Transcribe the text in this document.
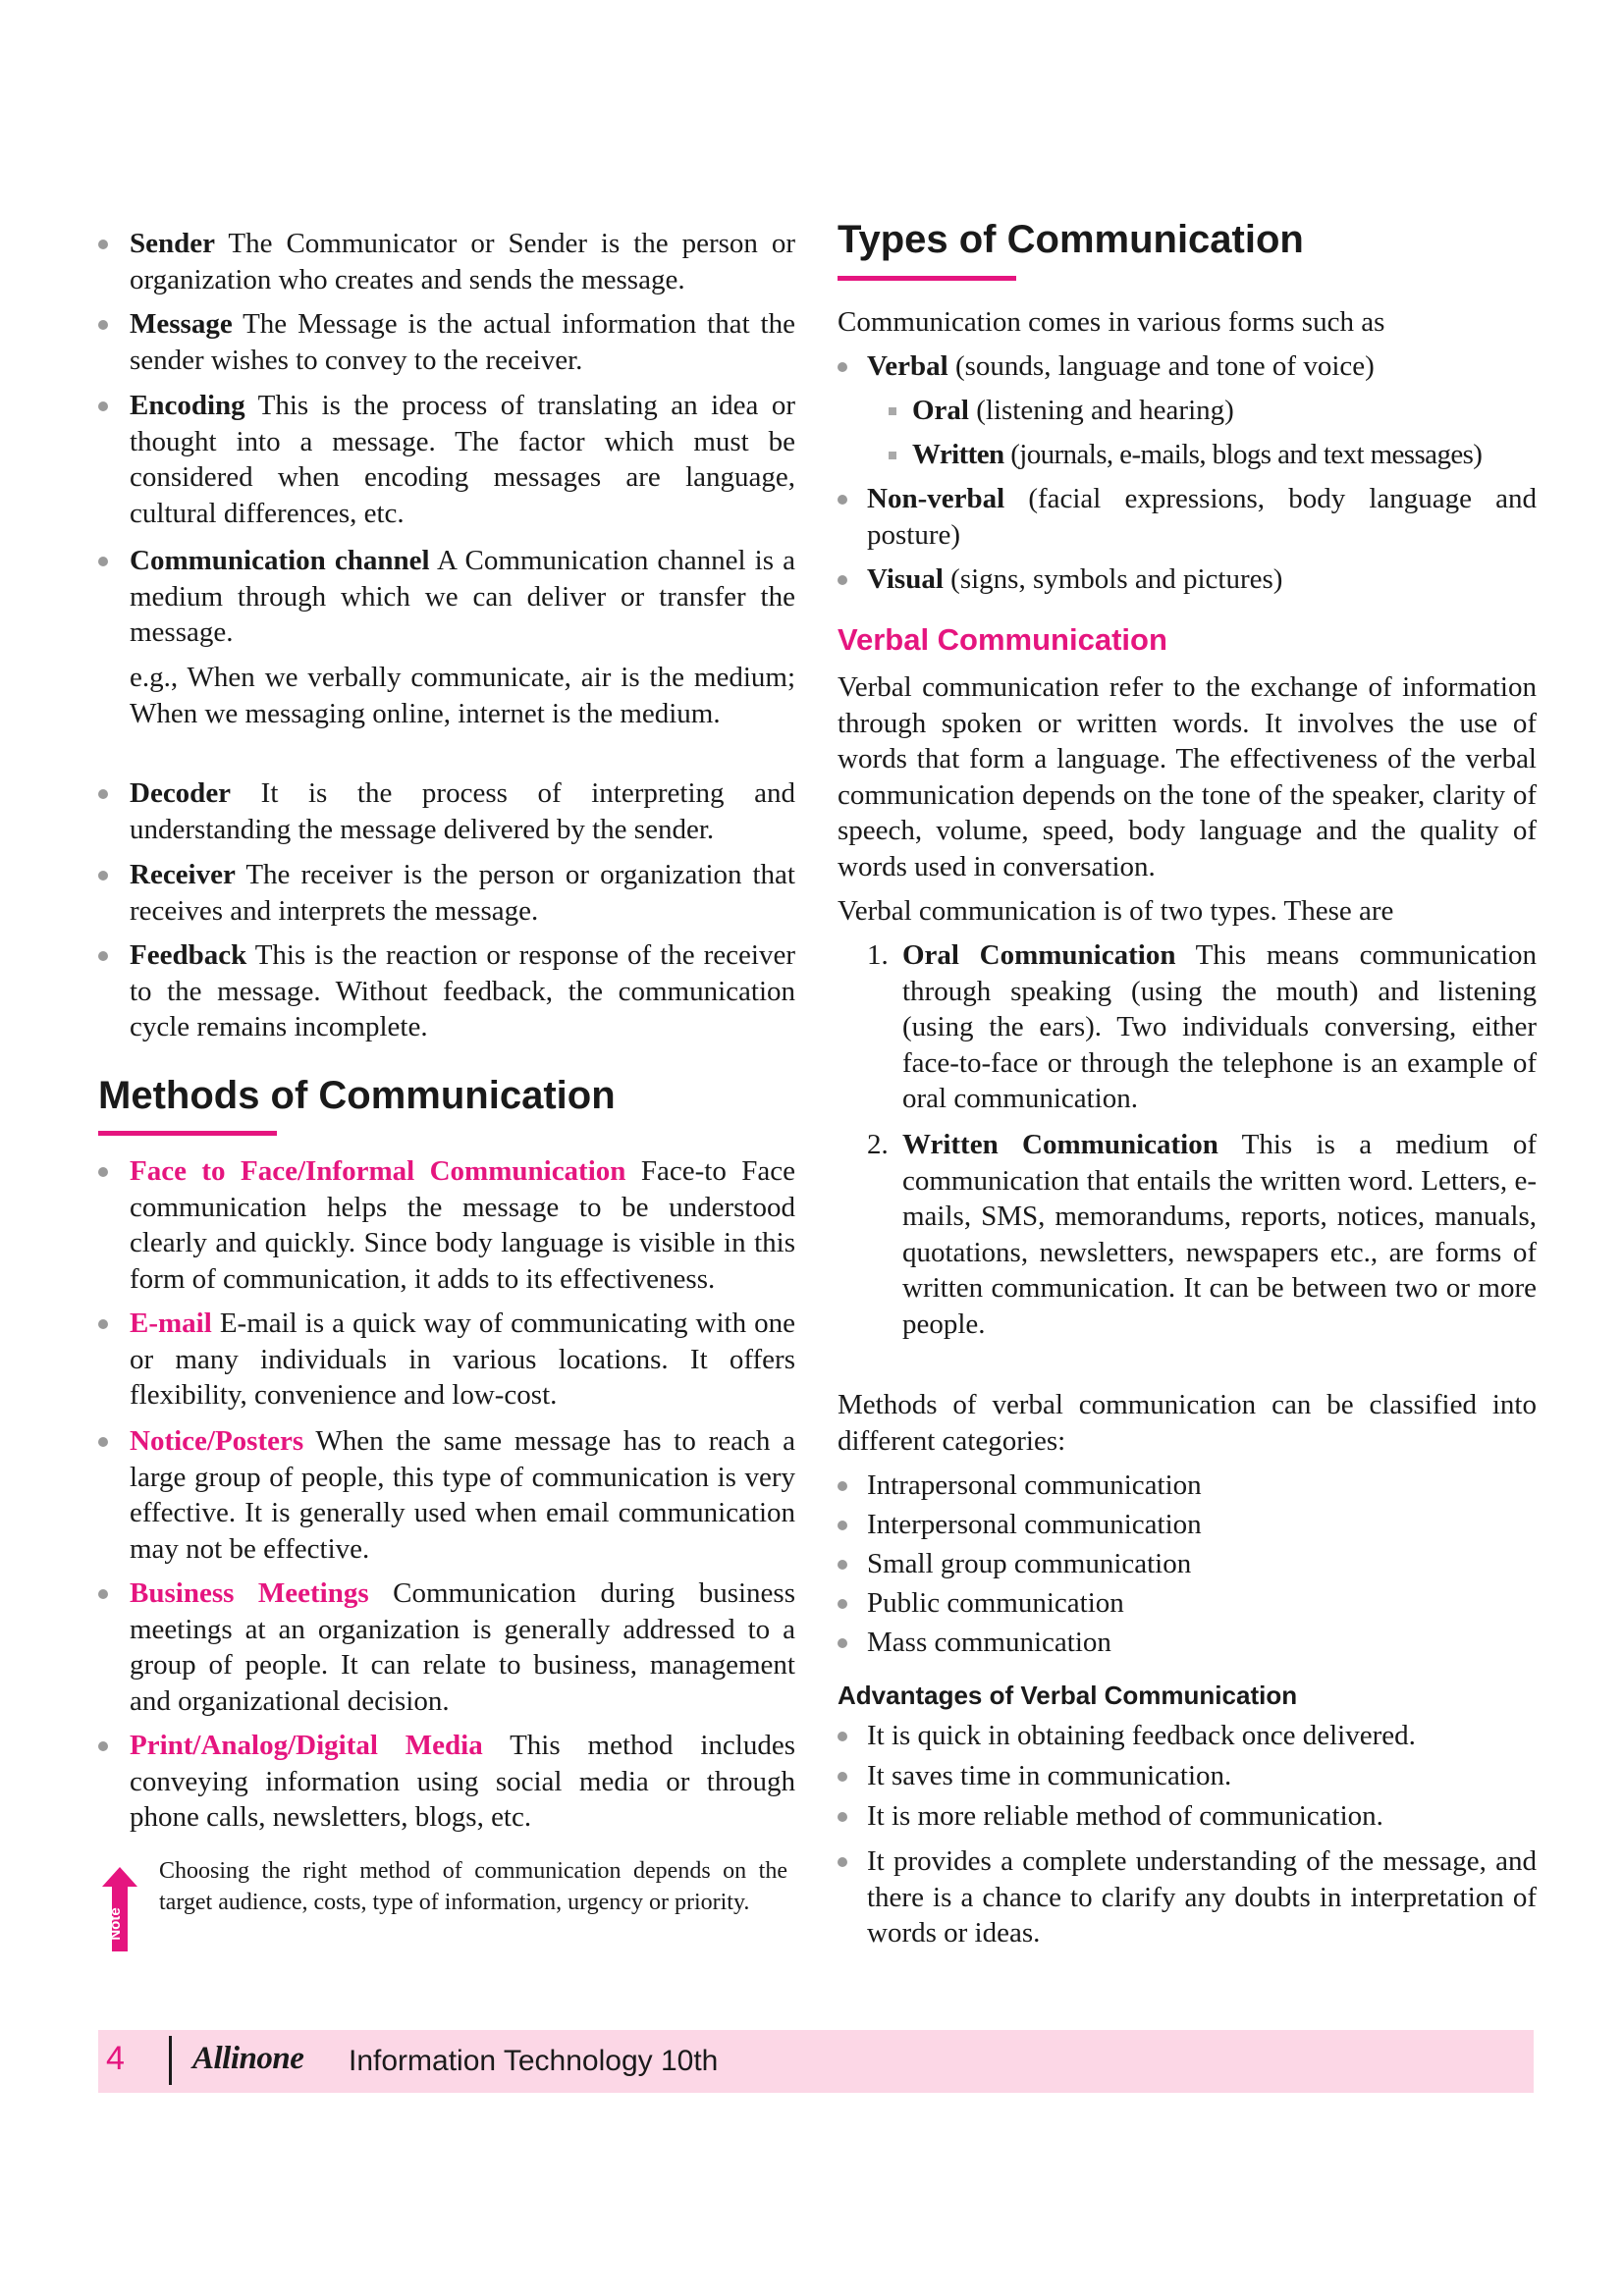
Sender The Communicator or Sender is the person or organization who creates and sends the message.

Message The Message is the actual information that the sender wishes to convey to the receiver.

Encoding This is the process of translating an idea or thought into a message. The factor which must be considered when encoding messages are language, cultural differences, etc.

Communication channel A Communication channel is a medium through which we can deliver or transfer the message.

e.g., When we verbally communicate, air is the medium; When we messaging online, internet is the medium.

Decoder It is the process of interpreting and understanding the message delivered by the sender.

Receiver The receiver is the person or organization that receives and interprets the message.

Feedback This is the reaction or response of the receiver to the message. Without feedback, the communication cycle remains incomplete.

Methods of Communication

Face to Face/Informal Communication Face-to Face communication helps the message to be understood clearly and quickly. Since body language is visible in this form of communication, it adds to its effectiveness.

E-mail E-mail is a quick way of communicating with one or many individuals in various locations. It offers flexibility, convenience and low-cost.

Notice/Posters When the same message has to reach a large group of people, this type of communication is very effective. It is generally used when email communication may not be effective.

Business Meetings Communication during business meetings at an organization is generally addressed to a group of people. It can relate to business, management and organizational decision.

Print/Analog/Digital Media This method includes conveying information using social media or through phone calls, newsletters, blogs, etc.

Note

Choosing the right method of communication depends on the target audience, costs, type of information, urgency or priority.

Types of Communication

Communication comes in various forms such as

Verbal (sounds, language and tone of voice)

Oral (listening and hearing)

Written (journals, e-mails, blogs and text messages)

Non-verbal (facial expressions, body language and posture)

Visual (signs, symbols and pictures)

Verbal Communication

Verbal communication refer to the exchange of information through spoken or written words. It involves the use of words that form a language. The effectiveness of the verbal communication depends on the tone of the speaker, clarity of speech, volume, speed, body language and the quality of words used in conversation.

Verbal communication is of two types. These are

1. Oral Communication This means communication through speaking (using the mouth) and listening (using the ears). Two individuals conversing, either face-to-face or through the telephone is an example of oral communication.

2. Written Communication This is a medium of communication that entails the written word. Letters, e-mails, SMS, memorandums, reports, notices, manuals, quotations, newsletters, newspapers etc., are forms of written communication. It can be between two or more people.

Methods of verbal communication can be classified into different categories:

Intrapersonal communication

Interpersonal communication

Small group communication

Public communication

Mass communication

Advantages of Verbal Communication

It is quick in obtaining feedback once delivered.

It saves time in communication.

It is more reliable method of communication.

It provides a complete understanding of the message, and there is a chance to clarify any doubts in interpretation of words or ideas.

4 Allinone Information Technology 10th
